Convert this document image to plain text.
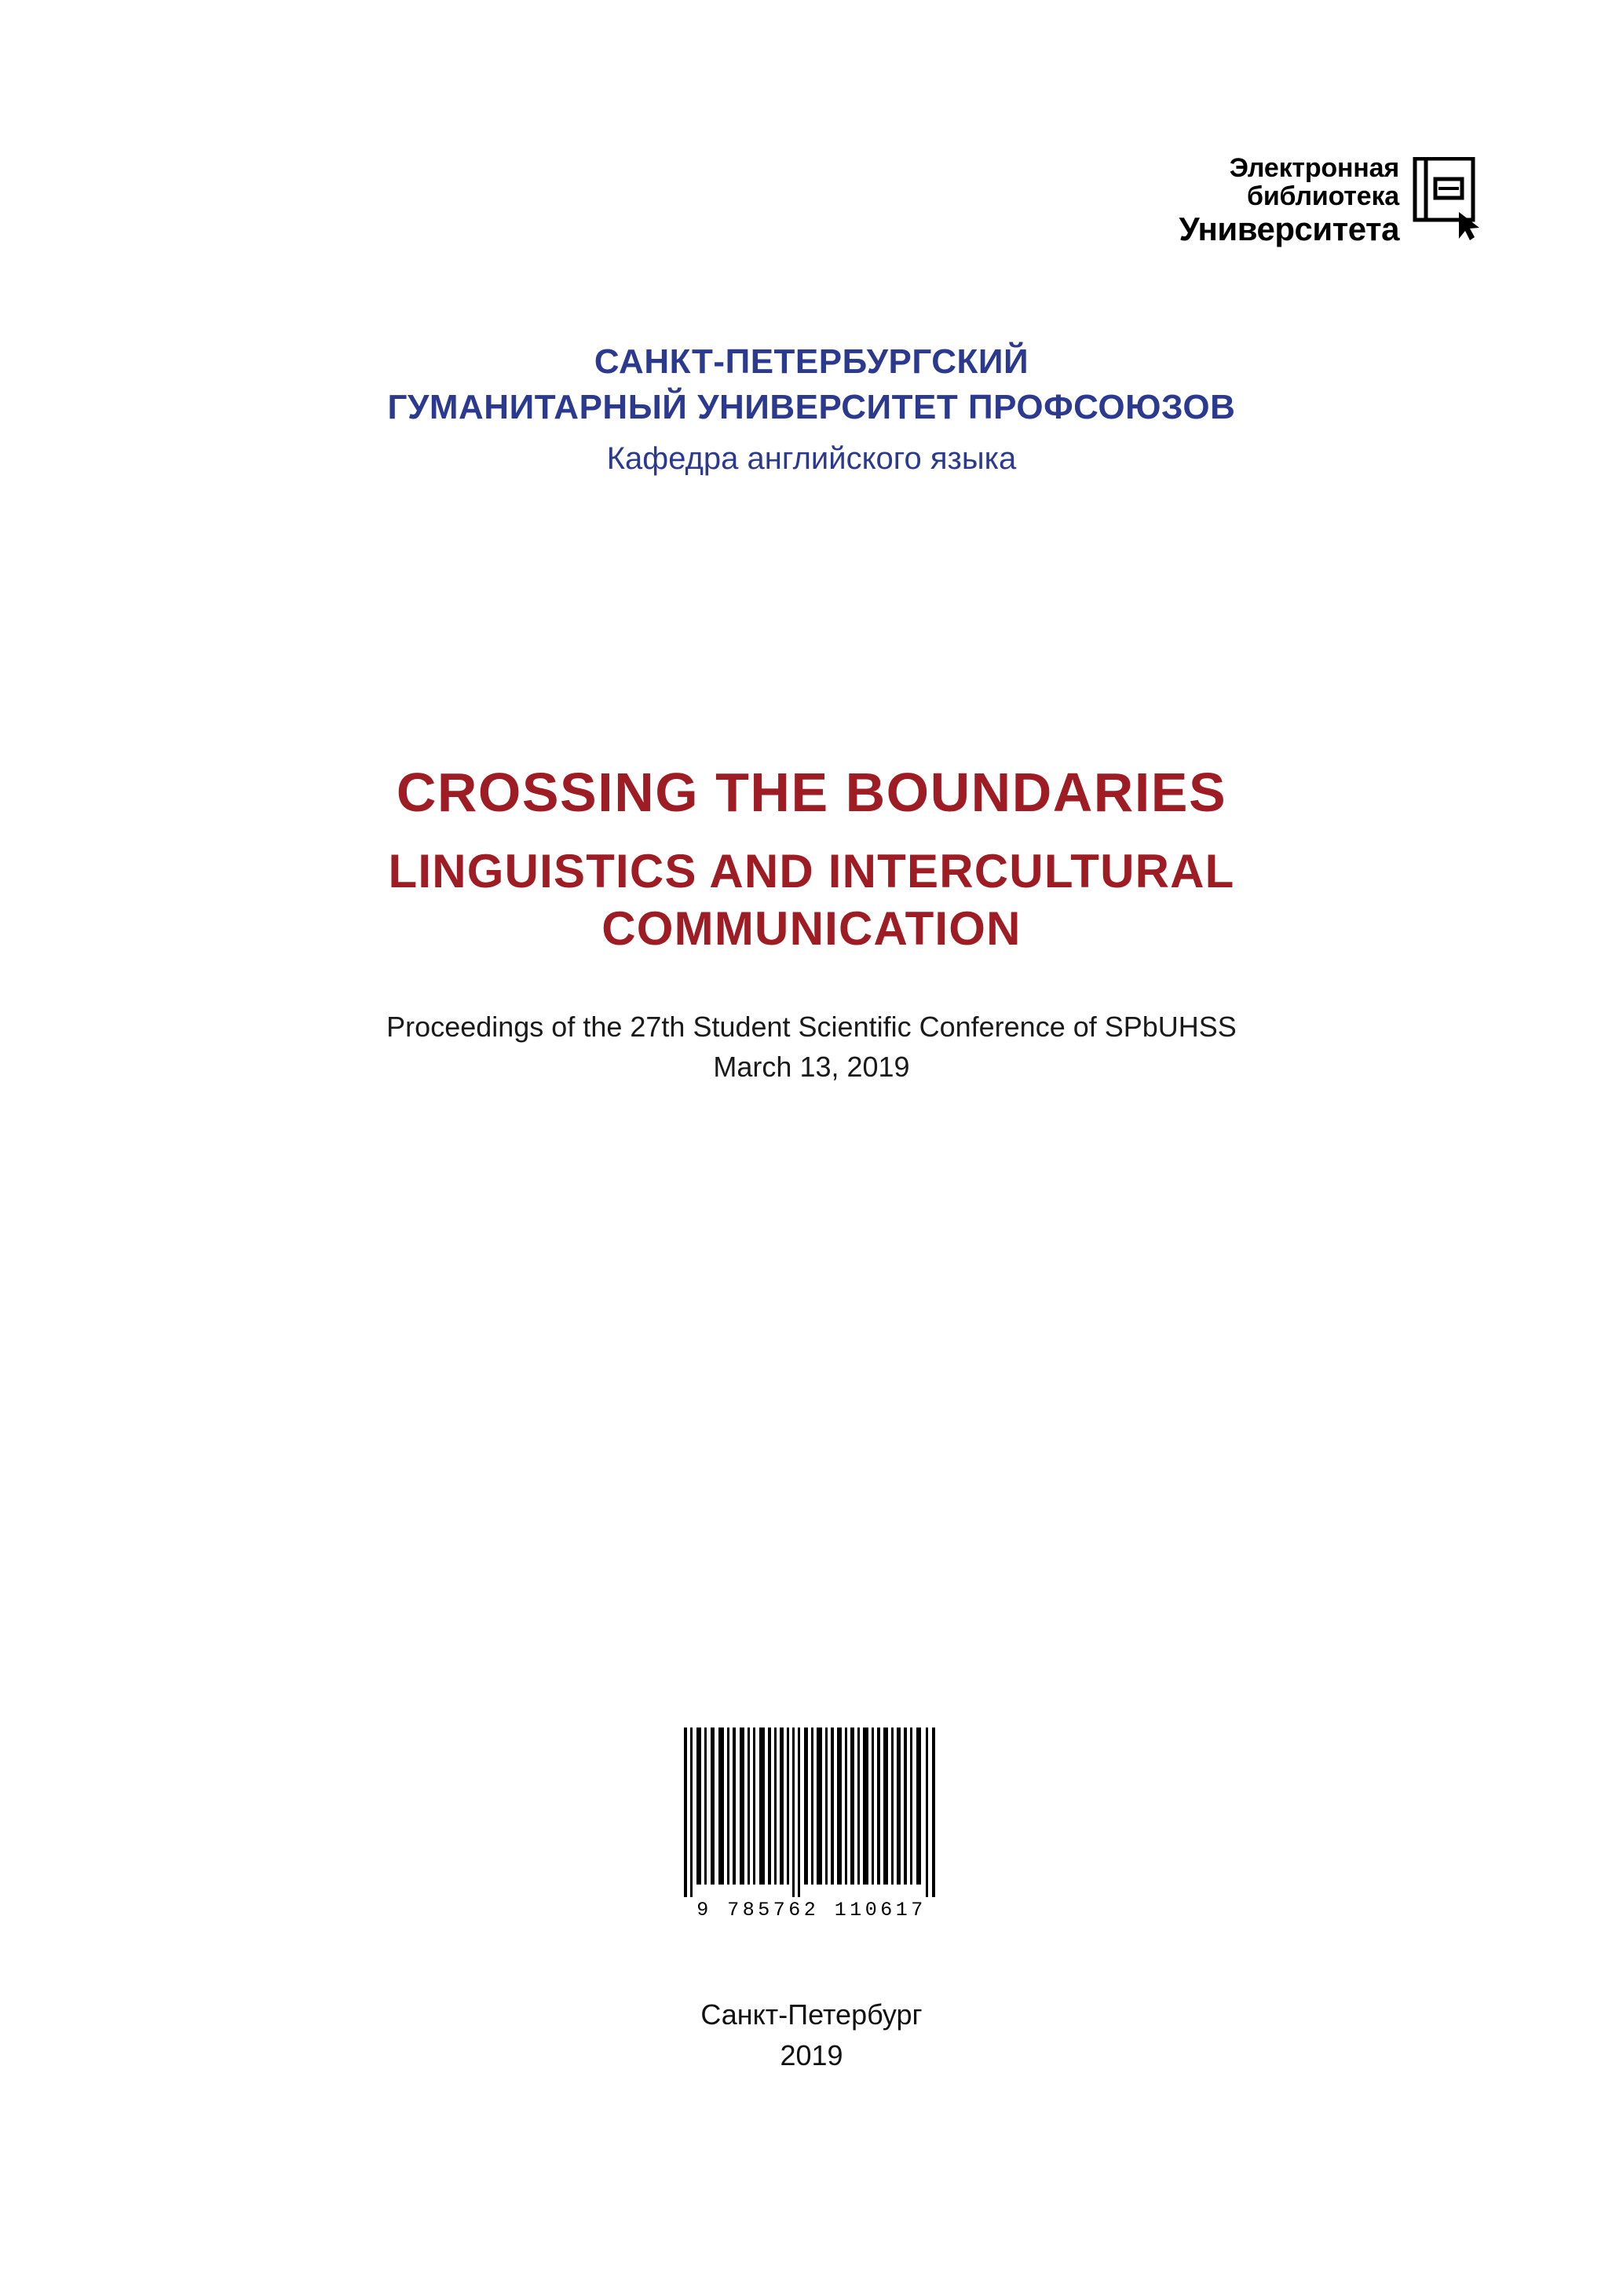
Электронная
библиотека
Университета
САНКТ-ПЕТЕРБУРГСКИЙ
ГУМАНИТАРНЫЙ УНИВЕРСИТЕТ ПРОФСОЮЗОВ
Кафедра английского языка
CROSSING THE BOUNDARIES
LINGUISTICS AND INTERCULTURAL
COMMUNICATION
Proceedings of the 27th Student Scientific Conference of SPbUHSS
March 13, 2019
9 785762 110617
Санкт-Петербург
2019
